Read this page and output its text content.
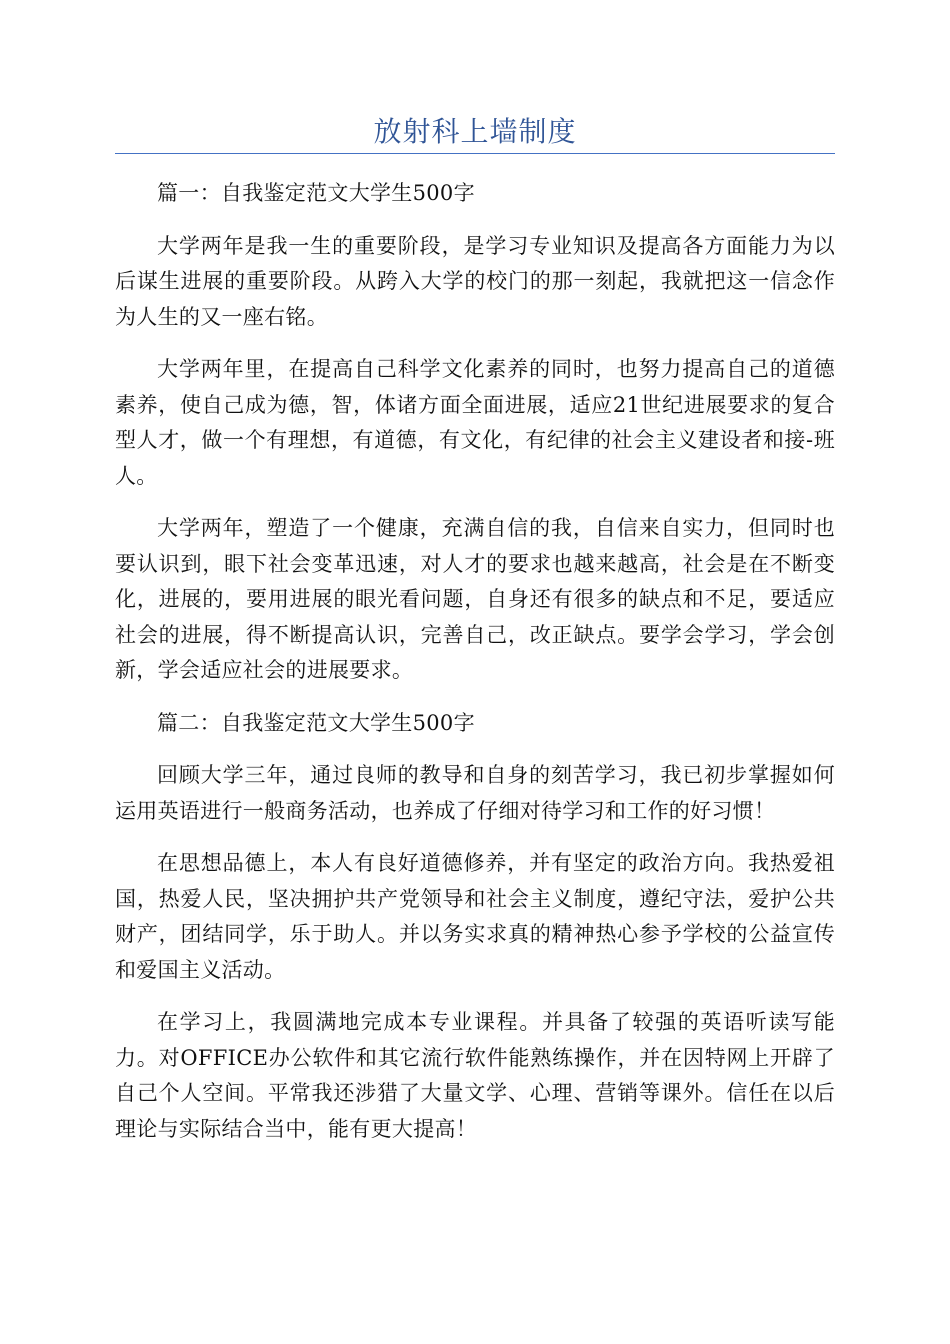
放射科上墙制度

篇一：自我鉴定范文大学生500字

大学两年是我一生的重要阶段，是学习专业知识及提高各方面能力为以后谋生进展的重要阶段。从跨入大学的校门的那一刻起，我就把这一信念作为人生的又一座右铭。

大学两年里，在提高自己科学文化素养的同时，也努力提高自己的道德素养，使自己成为德，智，体诸方面全面进展，适应21世纪进展要求的复合型人才，做一个有理想，有道德，有文化，有纪律的社会主义建设者和接-班人。

大学两年，塑造了一个健康，充满自信的我，自信来自实力，但同时也要认识到，眼下社会变革迅速，对人才的要求也越来越高，社会是在不断变化，进展的，要用进展的眼光看问题，自身还有很多的缺点和不足，要适应社会的进展，得不断提高认识，完善自己，改正缺点。要学会学习，学会创新，学会适应社会的进展要求。

篇二：自我鉴定范文大学生500字

回顾大学三年，通过良师的教导和自身的刻苦学习，我已初步掌握如何运用英语进行一般商务活动，也养成了仔细对待学习和工作的好习惯！

在思想品德上，本人有良好道德修养，并有坚定的政治方向。我热爱祖国，热爱人民，坚决拥护共产党领导和社会主义制度，遵纪守法，爱护公共财产，团结同学，乐于助人。并以务实求真的精神热心参予学校的公益宣传和爱国主义活动。

在学习上，我圆满地完成本专业课程。并具备了较强的英语听读写能力。对OFFICE办公软件和其它流行软件能熟练操作，并在因特网上开辟了自己个人空间。平常我还涉猎了大量文学、心理、营销等课外。信任在以后理论与实际结合当中，能有更大提高！
